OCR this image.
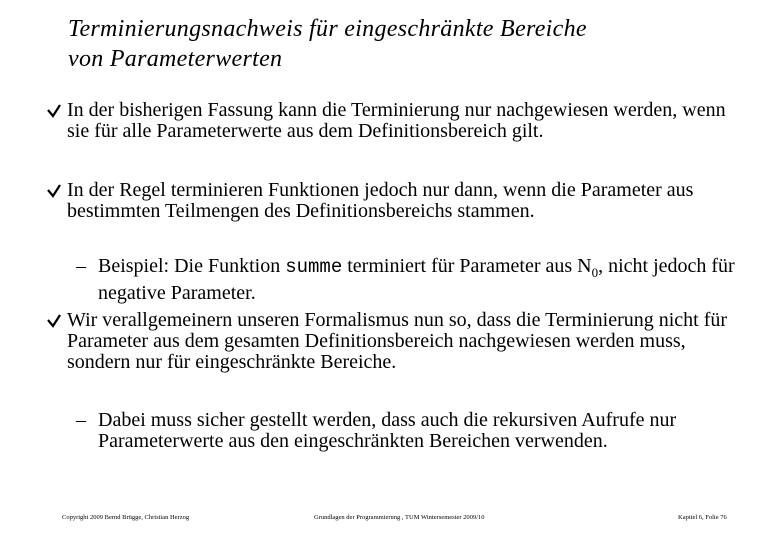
Terminierungsnachweis für eingeschränkte Bereiche
von Parameterwerten
In der bisherigen Fassung kann die Terminierung nur nachgewiesen werden, wenn sie für alle Parameterwerte aus dem Definitionsbereich gilt.
In der Regel terminieren Funktionen jedoch nur dann, wenn die Parameter aus bestimmten Teilmengen des Definitionsbereichs stammen.
– Beispiel: Die Funktion summe terminiert für Parameter aus $N_0$, nicht jedoch für negative Parameter.
Wir verallgemeinern unseren Formalismus nun so, dass die Terminierung nicht für Parameter aus dem gesamten Definitionsbereich nachgewiesen werden muss, sondern nur für eingeschränkte Bereiche.
– Dabei muss sicher gestellt werden, dass auch die rekursiven Aufrufe nur Parameterwerte aus den eingeschränkten Bereichen verwenden.
Copyright 2009 Bernd Brügge, Christian Herzog	Grundlagen der Programmierung , TUM Wintersemester 2009/10	Kapitel 6, Folie 76
